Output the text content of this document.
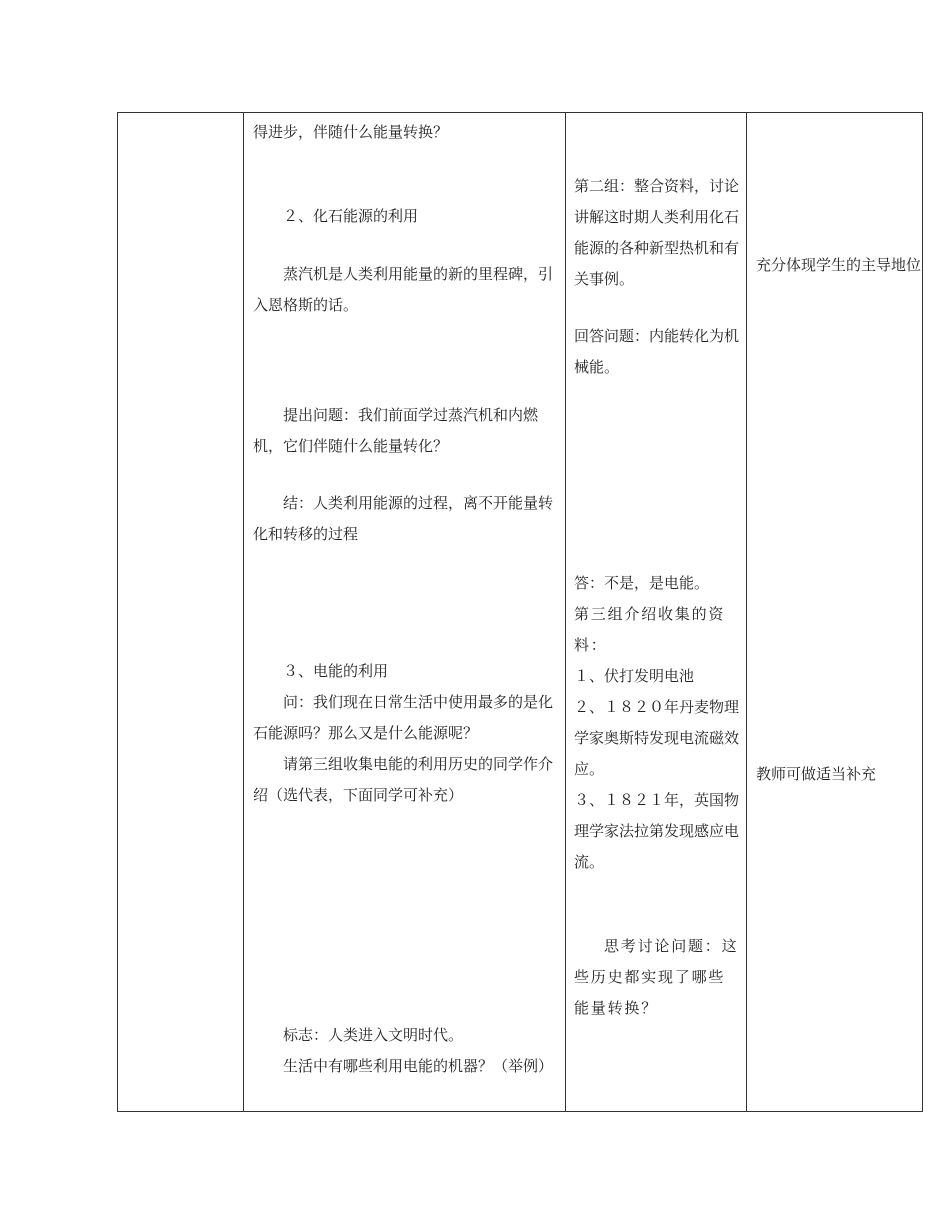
得进步，伴随什么能量转换？

２、化石能源的利用

蒸汽机是人类利用能量的新的里程碑，引入恩格斯的话。

提出问题：我们前面学过蒸汽机和内燃机，它们伴随什么能量转化？

结：人类利用能源的过程，离不开能量转化和转移的过程

３、电能的利用

问：我们现在日常生活中使用最多的是化石能源吗？那么又是什么能源呢？

请第三组收集电能的利用历史的同学作介绍（选代表，下面同学可补充）

标志：人类进入文明时代。

生活中有哪些利用电能的机器？（举例）

第二组：整合资料，讨论讲解这时期人类利用化石能源的各种新型热机和有关事例。

回答问题：内能转化为机械能。

答：不是，是电能。

第三组介绍收集的资料：

１、伏打发明电池

２、１８２０年丹麦物理学家奥斯特发现电流磁效应。

３、１８２１年，英国物理学家法拉第发现感应电流。

思考讨论问题：这些历史都实现了哪些能量转换？

充分体现学生的主导地位

教师可做适当补充
